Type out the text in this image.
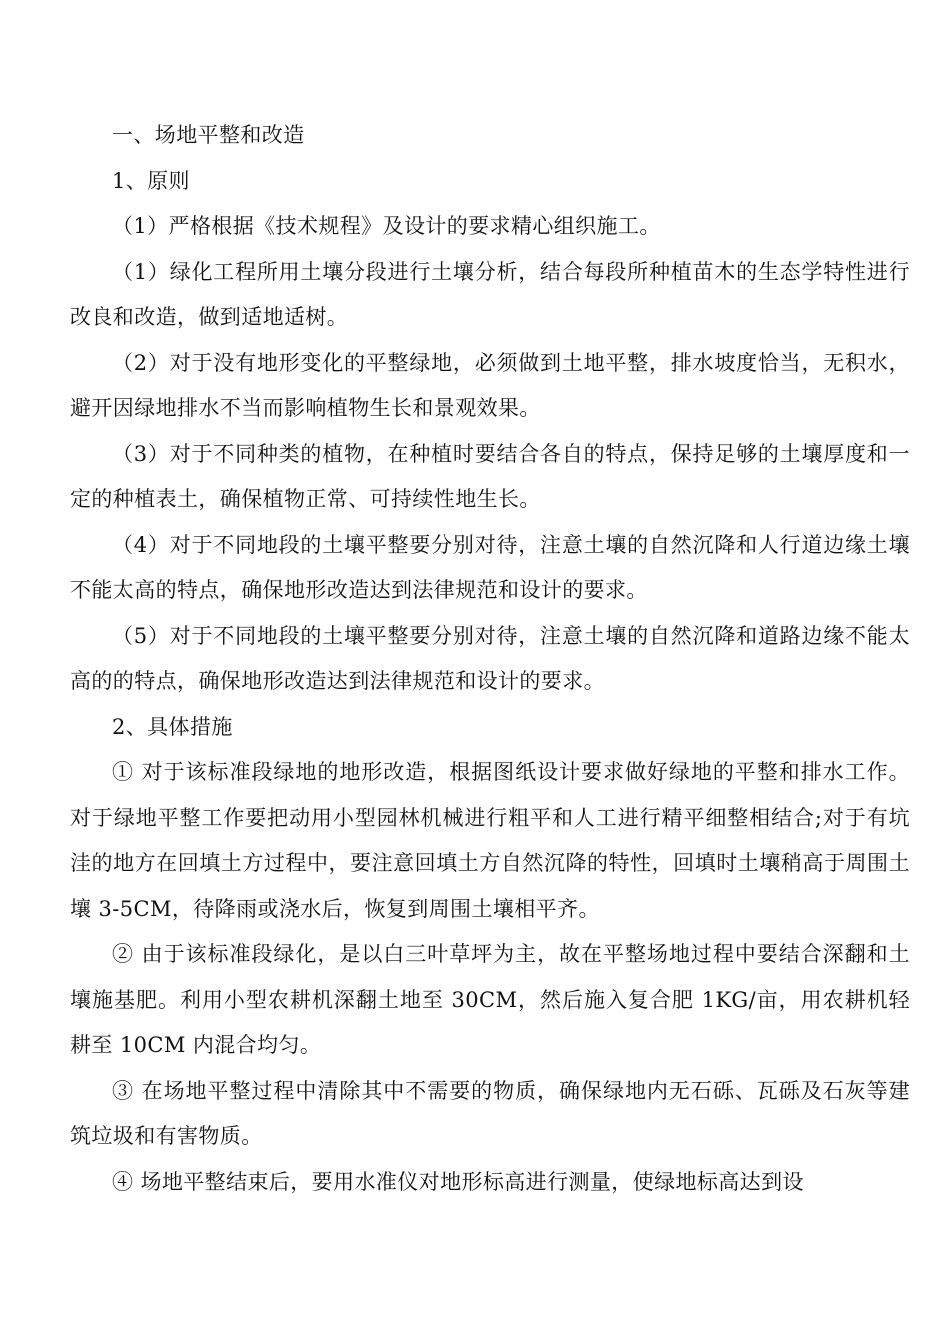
一、场地平整和改造

1、原则

（1）严格根据《技术规程》及设计的要求精心组织施工。

（1）绿化工程所用土壤分段进行土壤分析，结合每段所种植苗木的生态学特性进行改良和改造，做到适地适树。

（2）对于没有地形变化的平整绿地，必须做到土地平整，排水坡度恰当，无积水，避开因绿地排水不当而影响植物生长和景观效果。

（3）对于不同种类的植物，在种植时要结合各自的特点，保持足够的土壤厚度和一定的种植表土，确保植物正常、可持续性地生长。

（4）对于不同地段的土壤平整要分别对待，注意土壤的自然沉降和人行道边缘土壤不能太高的特点，确保地形改造达到法律规范和设计的要求。

（5）对于不同地段的土壤平整要分别对待，注意土壤的自然沉降和道路边缘不能太高的的特点，确保地形改造达到法律规范和设计的要求。

2、具体措施

① 对于该标准段绿地的地形改造，根据图纸设计要求做好绿地的平整和排水工作。对于绿地平整工作要把动用小型园林机械进行粗平和人工进行精平细整相结合;对于有坑洼的地方在回填土方过程中，要注意回填土方自然沉降的特性，回填时土壤稍高于周围土壤 3-5CM，待降雨或浇水后，恢复到周围土壤相平齐。

② 由于该标准段绿化，是以白三叶草坪为主，故在平整场地过程中要结合深翻和土壤施基肥。利用小型农耕机深翻土地至 30CM，然后施入复合肥 1KG/亩，用农耕机轻耕至 10CM 内混合均匀。

③ 在场地平整过程中清除其中不需要的物质，确保绿地内无石砾、瓦砾及石灰等建筑垃圾和有害物质。

④ 场地平整结束后，要用水准仪对地形标高进行测量，使绿地标高达到设
